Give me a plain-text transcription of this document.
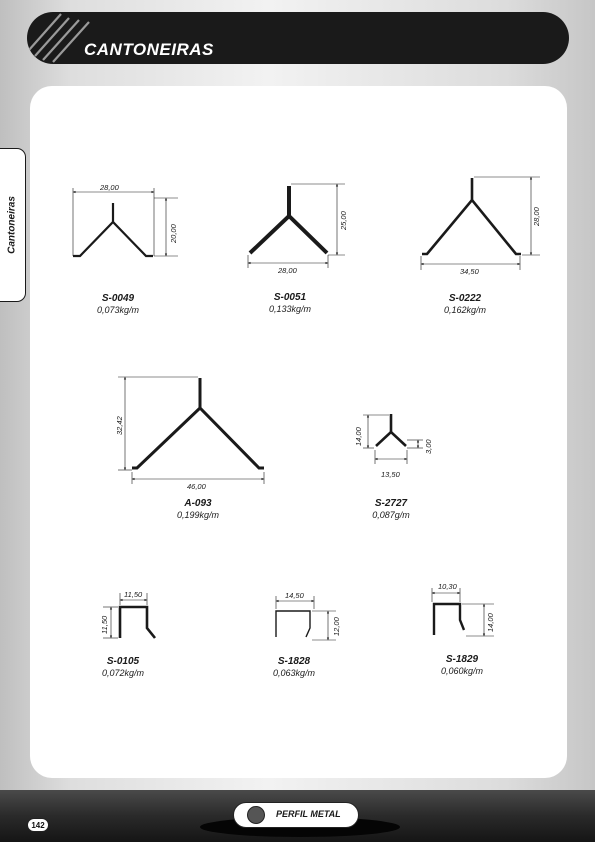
CANTONEIRAS
Cantoneiras
28,00
20,00
25,00
28,00
28,00
34,50
32,42
46,00
14,00
3,00
13,50
11,50
11,50
14,50
12,00
10,30
14,00
S-0049
0,073kg/m
S-0051
0,133kg/m
S-0222
0,162kg/m
A-093
0,199kg/m
S-2727
0,087g/m
S-0105
0,072kg/m
S-1828
0,063kg/m
S-1829
0,060kg/m
PERFIL METAL
142
